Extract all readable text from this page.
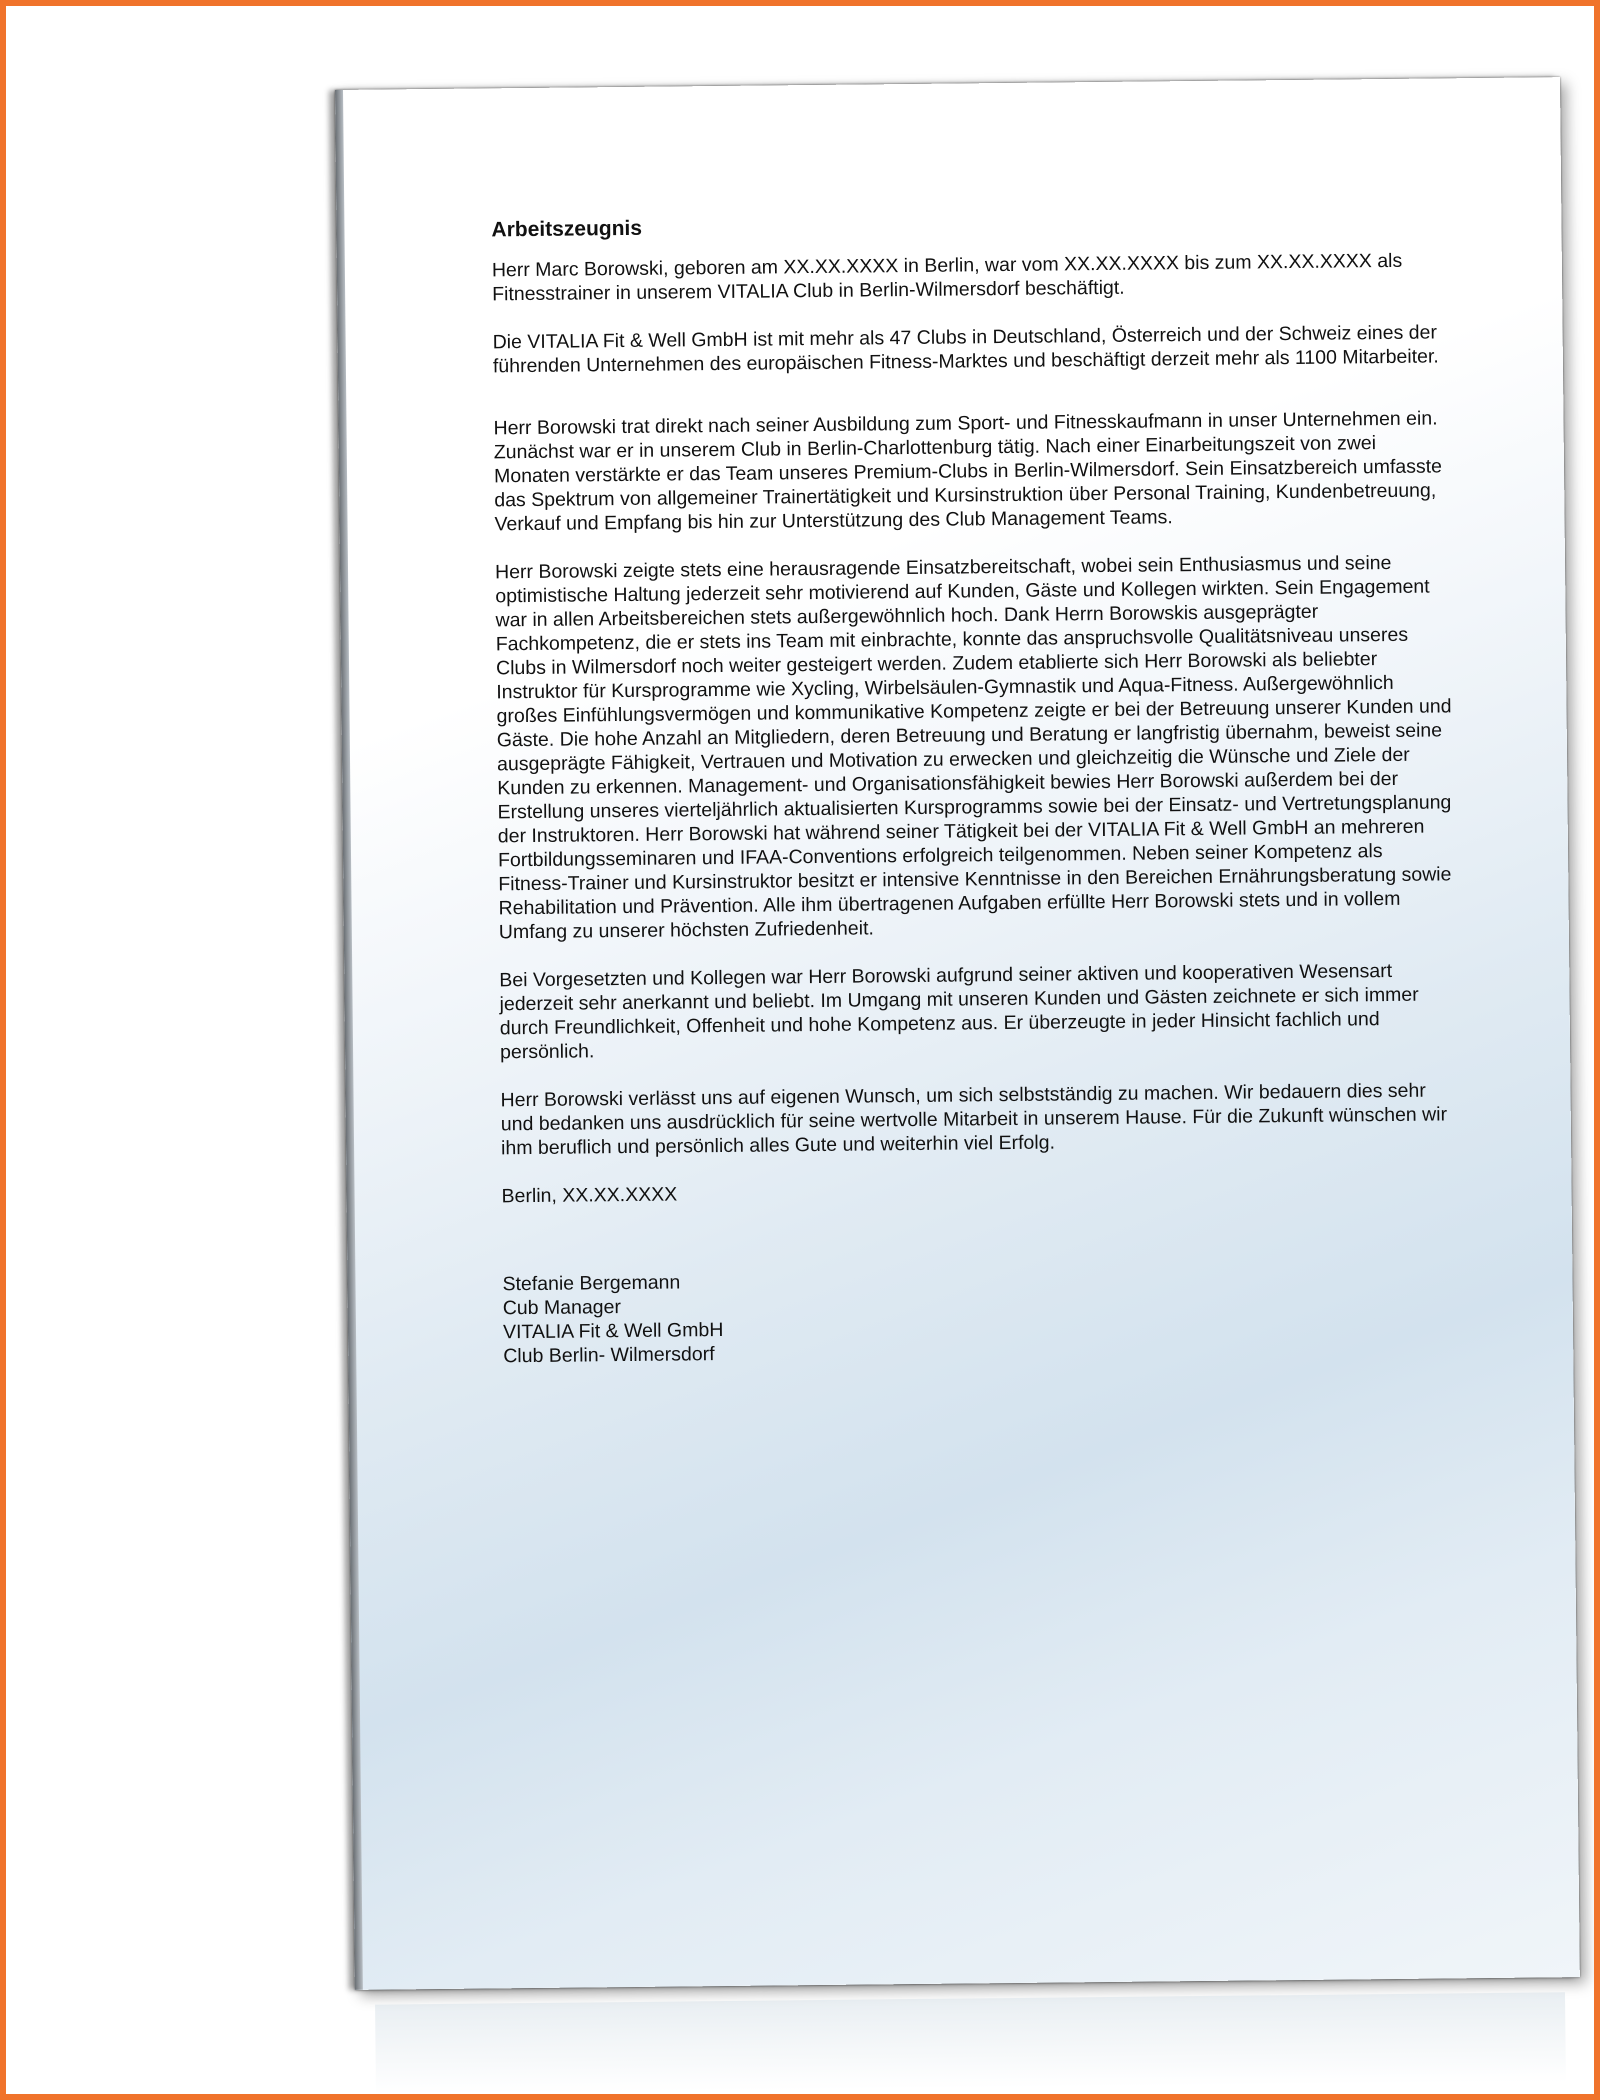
Arbeitszeugnis

Herr Marc Borowski, geboren am XX.XX.XXXX in Berlin, war vom XX.XX.XXXX bis zum XX.XX.XXXX als Fitnesstrainer in unserem VITALIA Club in Berlin-Wilmersdorf beschäftigt.

Die VITALIA Fit & Well GmbH ist mit mehr als 47 Clubs in Deutschland, Österreich und der Schweiz eines der führenden Unternehmen des europäischen Fitness-Marktes und beschäftigt derzeit mehr als 1100 Mitarbeiter.

Herr Borowski trat direkt nach seiner Ausbildung zum Sport- und Fitnesskaufmann in unser Unternehmen ein. Zunächst war er in unserem Club in Berlin-Charlottenburg tätig. Nach einer Einarbeitungszeit von zwei Monaten verstärkte er das Team unseres Premium-Clubs in Berlin-Wilmersdorf. Sein Einsatzbereich umfasste das Spektrum von allgemeiner Trainertätigkeit und Kursinstruktion über Personal Training, Kundenbetreuung, Verkauf und Empfang bis hin zur Unterstützung des Club Management Teams.

Herr Borowski zeigte stets eine herausragende Einsatzbereitschaft, wobei sein Enthusiasmus und seine optimistische Haltung jederzeit sehr motivierend auf Kunden, Gäste und Kollegen wirkten. Sein Engagement war in allen Arbeitsbereichen stets außergewöhnlich hoch. Dank Herrn Borowskis ausgeprägter Fachkompetenz, die er stets ins Team mit einbrachte, konnte das anspruchsvolle Qualitätsniveau unseres Clubs in Wilmersdorf noch weiter gesteigert werden. Zudem etablierte sich Herr Borowski als beliebter Instruktor für Kursprogramme wie Xycling, Wirbelsäulen-Gymnastik und Aqua-Fitness. Außergewöhnlich großes Einfühlungsvermögen und kommunikative Kompetenz zeigte er bei der Betreuung unserer Kunden und Gäste. Die hohe Anzahl an Mitgliedern, deren Betreuung und Beratung er langfristig übernahm, beweist seine ausgeprägte Fähigkeit, Vertrauen und Motivation zu erwecken und gleichzeitig die Wünsche und Ziele der Kunden zu erkennen. Management- und Organisationsfähigkeit bewies Herr Borowski außerdem bei der Erstellung unseres vierteljährlich aktualisierten Kursprogramms sowie bei der Einsatz- und Vertretungsplanung der Instruktoren. Herr Borowski hat während seiner Tätigkeit bei der VITALIA Fit & Well GmbH an mehreren Fortbildungsseminaren und IFAA-Conventions erfolgreich teilgenommen. Neben seiner Kompetenz als Fitness-Trainer und Kursinstruktor besitzt er intensive Kenntnisse in den Bereichen Ernährungsberatung sowie Rehabilitation und Prävention. Alle ihm übertragenen Aufgaben erfüllte Herr Borowski stets und in vollem Umfang zu unserer höchsten Zufriedenheit.

Bei Vorgesetzten und Kollegen war Herr Borowski aufgrund seiner aktiven und kooperativen Wesensart jederzeit sehr anerkannt und beliebt. Im Umgang mit unseren Kunden und Gästen zeichnete er sich immer durch Freundlichkeit, Offenheit und hohe Kompetenz aus. Er überzeugte in jeder Hinsicht fachlich und persönlich.

Herr Borowski verlässt uns auf eigenen Wunsch, um sich selbstständig zu machen. Wir bedauern dies sehr und bedanken uns ausdrücklich für seine wertvolle Mitarbeit in unserem Hause. Für die Zukunft wünschen wir ihm beruflich und persönlich alles Gute und weiterhin viel Erfolg.

Berlin, XX.XX.XXXX
Stefanie Bergemann
Cub Manager
VITALIA Fit & Well GmbH
Club Berlin- Wilmersdorf
